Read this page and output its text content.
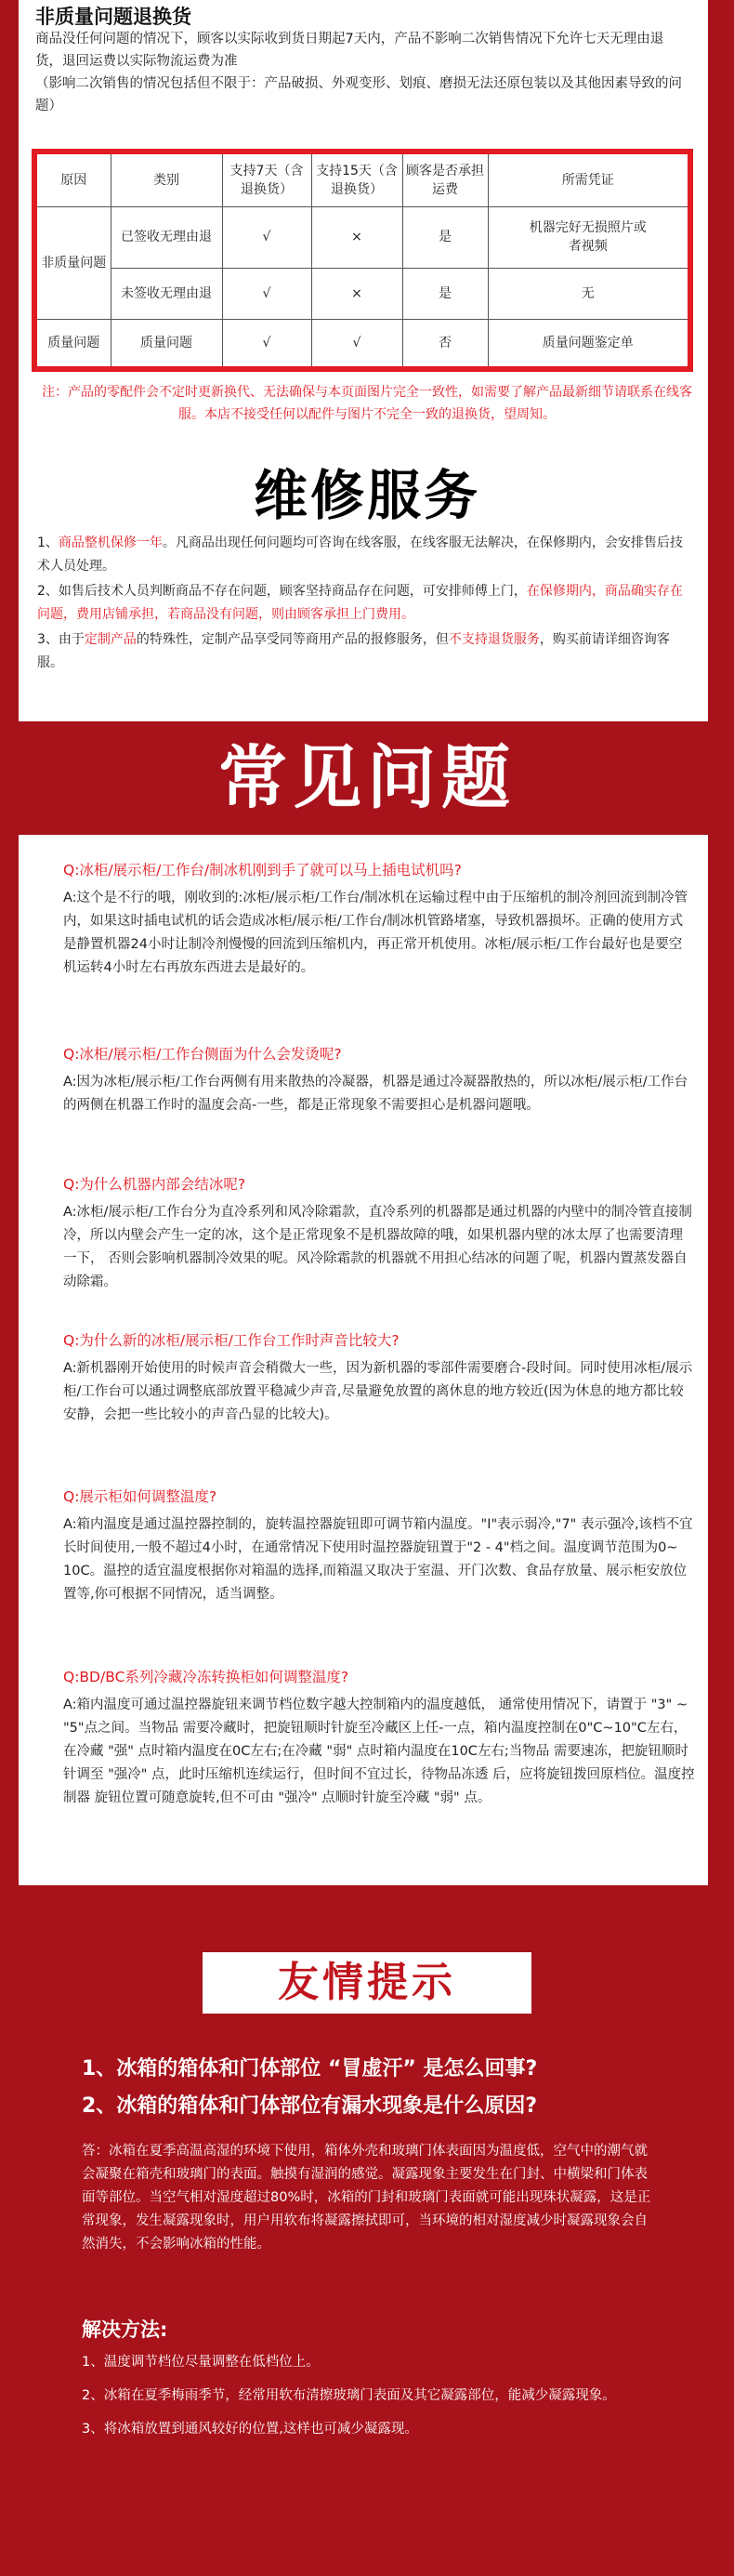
非质量问题退换货

商品没任何问题的情况下，顾客以实际收到货日期起7天内，产品不影响二次销售情况下允许七天无理由退货，退回运费以实际物流运费为准

（影响二次销售的情况包括但不限于：产品破损、外观变形、划痕、磨损无法还原包装以及其他因素导致的问题）

原因	类别	支持7天（含退换货）	支持15天（含退换货）	顾客是否承担运费	所需凭证
非质量问题	已签收无理由退	√	×	是	机器完好无损照片或者视频
	未签收无理由退	√	×	是	无
质量问题	质量问题	√	√	否	质量问题鉴定单
注：产品的零配件会不定时更新换代、无法确保与本页面图片完全一致性，如需要了解产品最新细节请联系在线客服。本店不接受任何以配件与图片不完全一致的退换货，望周知。
维修服务

1、商品整机保修一年。凡商品出现任何问题均可咨询在线客服，在线客服无法解决，在保修期内，会安排售后技术人员处理。

2、如售后技术人员判断商品不存在问题，顾客坚持商品存在问题，可安排师傅上门，在保修期内，商品确实存在问题，费用店铺承担，若商品没有问题，则由顾客承担上门费用。

3、由于定制产品的特殊性，定制产品享受同等商用产品的报修服务，但不支持退货服务，购买前请详细咨询客服。

常见问题

Q:冰柜/展示柜/工作台/制冰机刚到手了就可以马上插电试机吗?

A:这个是不行的哦，刚收到的:冰柜/展示柜/工作台/制冰机在运输过程中由于压缩机的制冷剂回流到制冷管内，如果这时插电试机的话会造成冰柜/展示柜/工作台/制冰机管路堵塞，导致机器损坏。正确的使用方式是静置机器24小时让制冷剂慢慢的回流到压缩机内，再正常开机使用。冰柜/展示柜/工作台最好也是要空机运转4小时左右再放东西进去是最好的。

Q:冰柜/展示柜/工作台侧面为什么会发烫呢?

A:因为冰柜/展示柜/工作台两侧有用来散热的冷凝器，机器是通过冷凝器散热的，所以冰柜/展示柜/工作台的两侧在机器工作时的温度会高-一些，都是正常现象不需要担心是机器问题哦。

Q:为什么机器内部会结冰呢?

A:冰柜/展示柜/工作台分为直冷系列和风冷除霜款，直冷系列的机器都是通过机器的内壁中的制冷管直接制冷，所以内壁会产生一定的冰，这个是正常现象不是机器故障的哦，如果机器内壁的冰太厚了也需要清理一下， 否则会影响机器制冷效果的呢。风冷除霜款的机器就不用担心结冰的问题了呢，机器内置蒸发器自动除霜。

Q:为什么新的冰柜/展示柜/工作台工作时声音比较大?

A:新机器刚开始使用的时候声音会稍微大一些，因为新机器的零部件需要磨合-段时间。同时使用冰柜/展示柜/工作台可以通过调整底部放置平稳减少声音,尽量避免放置的离休息的地方较近(因为休息的地方都比较安静，会把一些比较小的声音凸显的比较大)。

Q:展示柜如何调整温度?

A:箱内温度是通过温控器控制的，旋转温控器旋钮即可调节箱内温度。"I"表示弱冷,"7" 表示强冷,该档不宜长时间使用,一般不超过4小时，在通常情况下使用时温控器旋钮置于"2 - 4"档之间。温度调节范围为0~ 10C。温控的适宜温度根据你对箱温的选择,而箱温又取决于室温、开门次数、食品存放量、展示柜安放位置等,你可根据不同情况，适当调整。

Q:BD/BC系列冷藏冷冻转换柜如何调整温度?

A:箱内温度可通过温控器旋钮来调节档位数字越大控制箱内的温度越低， 通常使用情况下，请置于 "3" ~ "5"点之间。当物品 需要冷藏时，把旋钮顺时针旋至冷藏区上任-一点，箱内温度控制在0"C~10"C左右，在冷藏 "强" 点时箱内温度在0C左右;在冷藏 "弱" 点时箱内温度在10C左右;当物品 需要速冻，把旋钮顺时针调至 "强冷" 点，此时压缩机连续运行，但时间不宜过长，待物品冻透 后，应将旋钮拨回原档位。温度控制器 旋钮位置可随意旋转,但不可由 "强冷" 点顺时针旋至冷藏 "弱" 点。

友情提示
1、冰箱的箱体和门体部位 “冒虚汗” 是怎么回事?
2、冰箱的箱体和门体部位有漏水现象是什么原因?

答：冰箱在夏季高温高湿的环境下使用，箱体外壳和玻璃门体表面因为温度低，空气中的潮气就会凝聚在箱壳和玻璃门的表面。触摸有湿润的感觉。凝露现象主要发生在门封、中横梁和门体表面等部位。当空气相对湿度超过80%时，冰箱的门封和玻璃门表面就可能出现珠状凝露，这是正常现象，发生凝露现象时，用户用软布将凝露擦拭即可，当环境的相对湿度减少时凝露现象会自然消失，不会影响冰箱的性能。

解决方法:

1、温度调节档位尽量调整在低档位上。

2、冰箱在夏季梅雨季节，经常用软布清擦玻璃门表面及其它凝露部位，能减少凝露现象。

3、将冰箱放置到通风较好的位置,这样也可减少凝露现。
